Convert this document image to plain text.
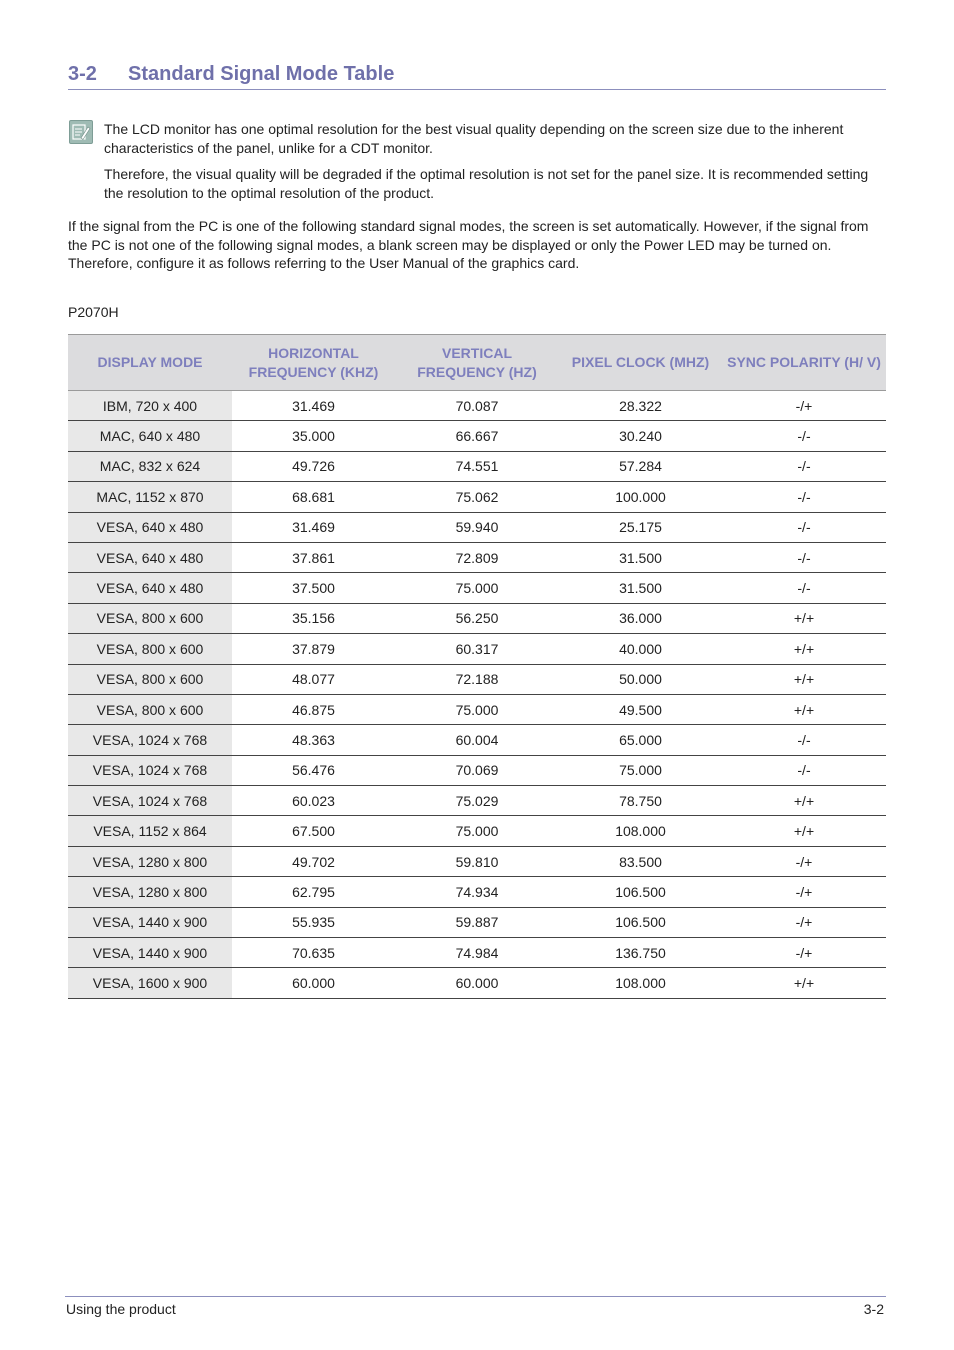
3-2 Standard Signal Mode Table
The LCD monitor has one optimal resolution for the best visual quality depending on the screen size due to the inherent characteristics of the panel, unlike for a CDT monitor.
Therefore, the visual quality will be degraded if the optimal resolution is not set for the panel size. It is recommended setting the resolution to the optimal resolution of the product.
If the signal from the PC is one of the following standard signal modes, the screen is set automatically. However, if the signal from the PC is not one of the following signal modes, a blank screen may be displayed or only the Power LED may be turned on. Therefore, configure it as follows referring to the User Manual of the graphics card.
P2070H
DISPLAY MODE	HORIZONTAL FREQUENCY (KHZ)	VERTICAL FREQUENCY (HZ)	PIXEL CLOCK (MHZ)	SYNC POLARITY (H/ V)
IBM, 720 x 400	31.469	70.087	28.322	-/+
MAC, 640 x 480	35.000	66.667	30.240	-/-
MAC, 832 x 624	49.726	74.551	57.284	-/-
MAC, 1152 x 870	68.681	75.062	100.000	-/-
VESA, 640 x 480	31.469	59.940	25.175	-/-
VESA, 640 x 480	37.861	72.809	31.500	-/-
VESA, 640 x 480	37.500	75.000	31.500	-/-
VESA, 800 x 600	35.156	56.250	36.000	+/+
VESA, 800 x 600	37.879	60.317	40.000	+/+
VESA, 800 x 600	48.077	72.188	50.000	+/+
VESA, 800 x 600	46.875	75.000	49.500	+/+
VESA, 1024 x 768	48.363	60.004	65.000	-/-
VESA, 1024 x 768	56.476	70.069	75.000	-/-
VESA, 1024 x 768	60.023	75.029	78.750	+/+
VESA, 1152 x 864	67.500	75.000	108.000	+/+
VESA, 1280 x 800	49.702	59.810	83.500	-/+
VESA, 1280 x 800	62.795	74.934	106.500	-/+
VESA, 1440 x 900	55.935	59.887	106.500	-/+
VESA, 1440 x 900	70.635	74.984	136.750	-/+
VESA, 1600 x 900	60.000	60.000	108.000	+/+
Using the product	3-2
